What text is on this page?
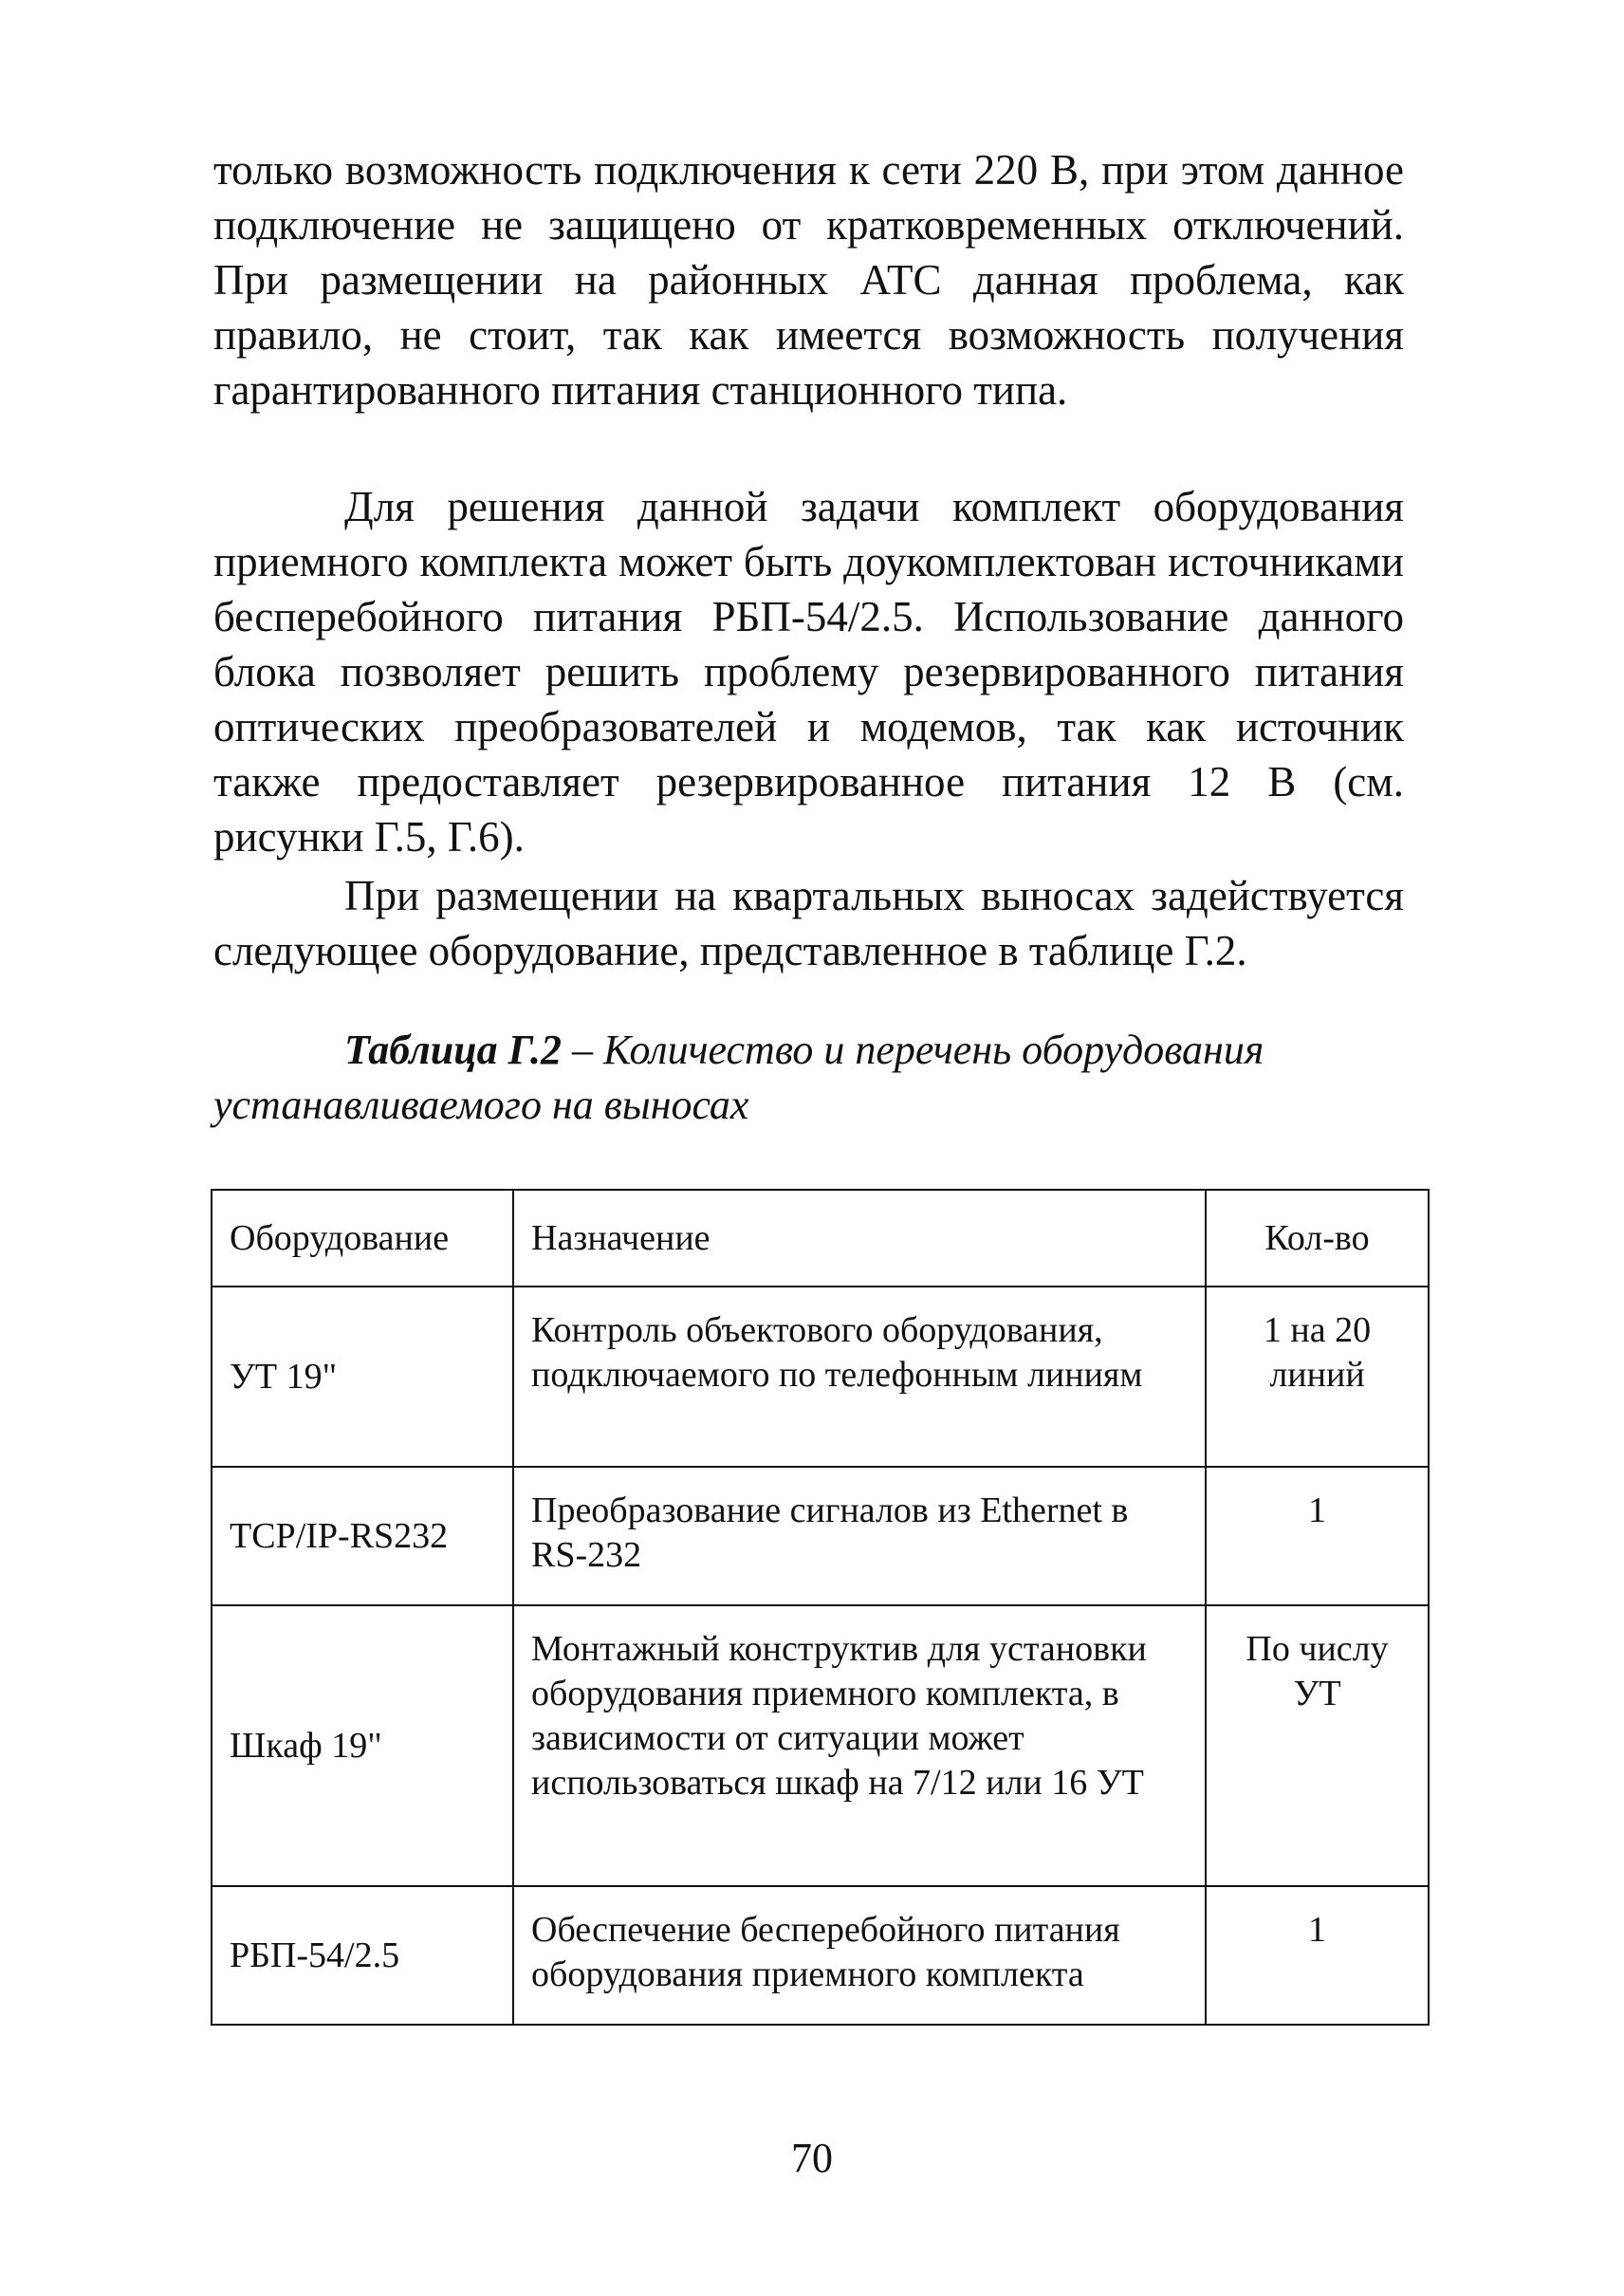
только возможность подключения к сети 220 В, при этом данное подключение не защищено от кратковременных отключений. При размещении на районных АТС данная проблема, как правило, не стоит, так как имеется возможность получения гарантированного питания станционного типа.

Для решения данной задачи комплект оборудования приемного комплекта может быть доукомплектован источниками бесперебойного питания РБП-54/2.5. Использование данного блока позволяет решить проблему резервированного питания оптических преобразователей и модемов, так как источник также предоставляет резервированное питания 12 В (см. рисунки Г.5, Г.6).

При размещении на квартальных выносах задействуется следующее оборудование, представленное в таблице Г.2.

Таблица Г.2 – Количество и перечень оборудования устанавливаемого на выносах
Оборудование	Назначение	Кол-во
УТ 19"	Контроль объектового оборудования, подключаемого по телефонным линиям	1 на 20 линий
TCP/IP-RS232	Преобразование сигналов из Ethernet в RS-232	1
Шкаф 19"	Монтажный конструктив для установки оборудования приемного комплекта, в зависимости от ситуации может использоваться шкаф на 7/12 или 16 УТ	По числу УТ
РБП-54/2.5	Обеспечение бесперебойного питания оборудования приемного комплекта	1
70
